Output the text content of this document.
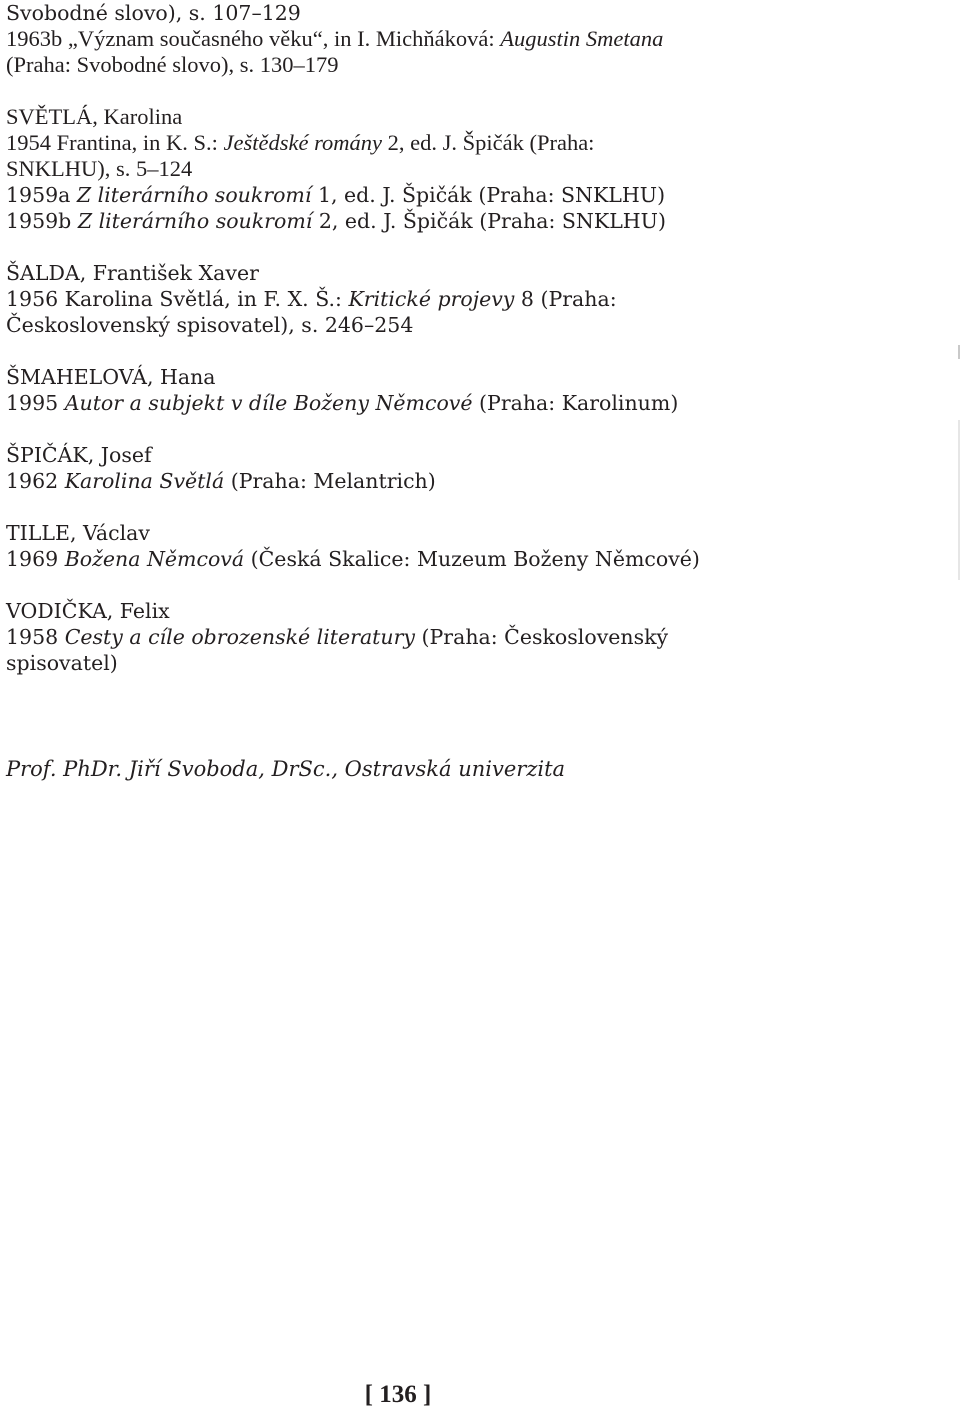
Svobodné slovo), s. 107–129

1963b „Význam současného věku“, in I. Michňáková: Augustin Smetana

(Praha: Svobodné slovo), s. 130–179

SVĚTLÁ, Karolina

1954 Frantina, in K. S.: Ještědské romány 2, ed. J. Špičák (Praha:

SNKLHU), s. 5–124

1959a Z literárního soukromí 1, ed. J. Špičák (Praha: SNKLHU)

1959b Z literárního soukromí 2, ed. J. Špičák (Praha: SNKLHU)

ŠALDA, František Xaver

1956 Karolina Světlá, in F. X. Š.: Kritické projevy 8 (Praha:

Československý spisovatel), s. 246–254

ŠMAHELOVÁ, Hana

1995 Autor a subjekt v díle Boženy Němcové (Praha: Karolinum)

ŠPIČÁK, Josef

1962 Karolina Světlá (Praha: Melantrich)

TILLE, Václav

1969 Božena Němcová (Česká Skalice: Muzeum Boženy Němcové)

VODIČKA, Felix

1958 Cesty a cíle obrozenské literatury (Praha: Československý

spisovatel)

Prof. PhDr. Jiří Svoboda, DrSc., Ostravská univerzita
[ 136 ]
